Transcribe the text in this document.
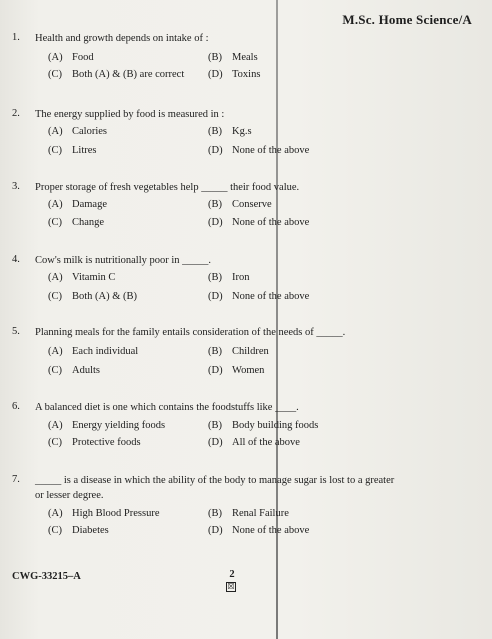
M.Sc. Home Science/A
1. Health and growth depends on intake of :
(A) Food	(B) Meals
(C) Both (A) & (B) are correct (D) Toxins
2. The energy supplied by food is measured in :
(A) Calories	(B) Kg.s
(C) Litres	(D) None of the above
3. Proper storage of fresh vegetables help _____ their food value.
(A) Damage	(B) Conserve
(C) Change	(D) None of the above
4. Cow's milk is nutritionally poor in _____.
(A) Vitamin C	(B) Iron
(C) Both (A) & (B)	(D) None of the above
5. Planning meals for the family entails consideration of the needs of _____.
(A) Each individual	(B) Children
(C) Adults	(D) Women
6. A balanced diet is one which contains the foodstuffs like ____.
(A) Energy yielding foods	(B) Body building foods
(C) Protective foods	(D) All of the above
7. _____ is a disease in which the ability of the body to manage sugar is lost to a greater
or lesser degree.
(A) High Blood Pressure	(B) Renal Failure
(C) Diabetes	(D) None of the above
CWG-33215–A	2
☒
